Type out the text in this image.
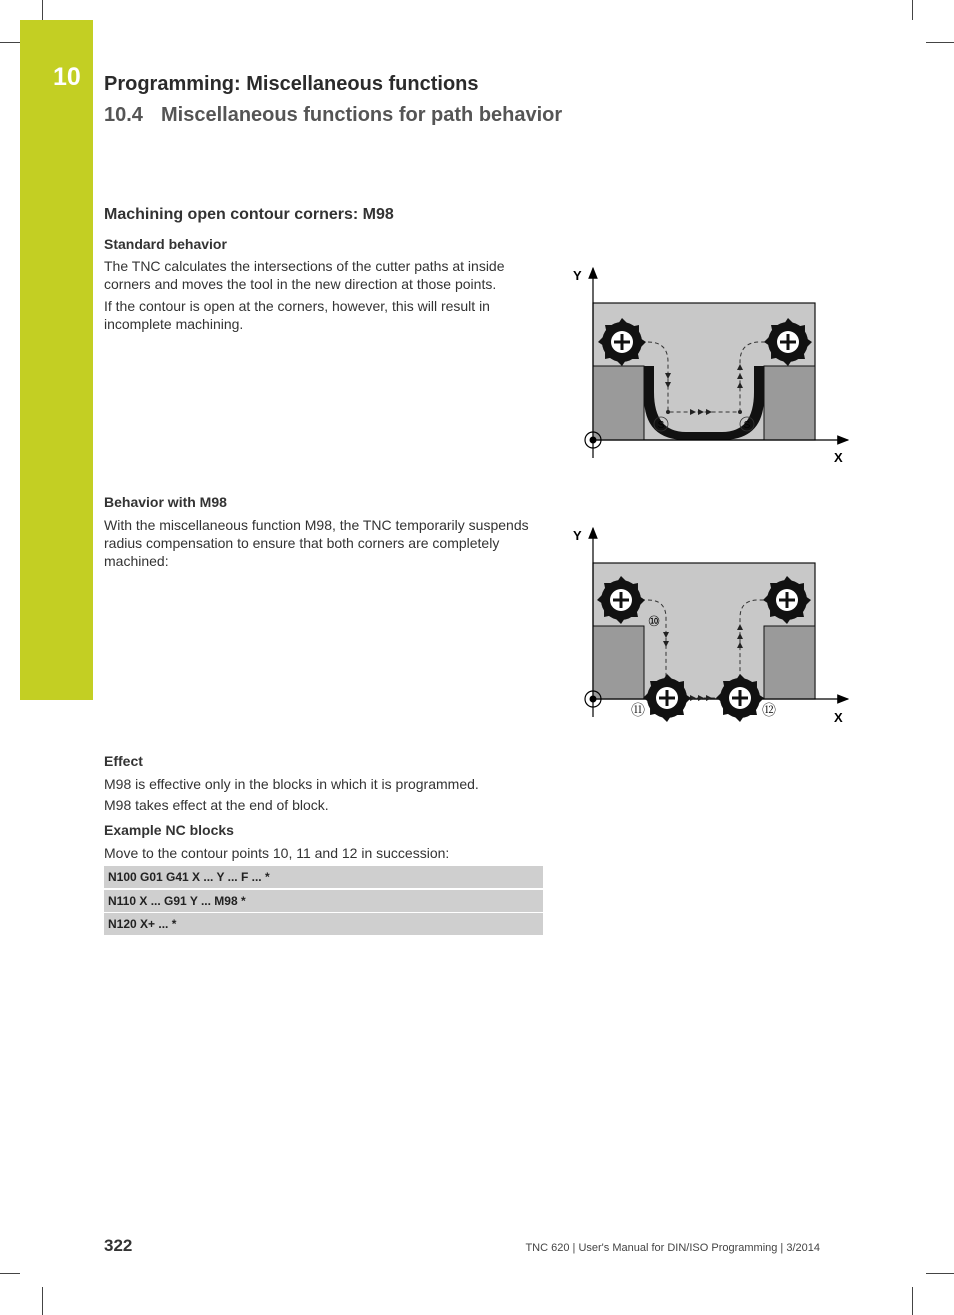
10 Programming: Miscellaneous functions
10.4 Miscellaneous functions for path behavior
Machining open contour corners: M98
Standard behavior
The TNC calculates the intersections of the cutter paths at inside corners and moves the tool in the new direction at those points.
If the contour is open at the corners, however, this will result in incomplete machining.
S	S
Y
X
Behavior with M98
With the miscellaneous function M98, the TNC temporarily suspends radius compensation to ensure that both corners are completely machined:
⑩
⑪	⑫
Y
X
Effect
M98 is effective only in the blocks in which it is programmed.
M98 takes effect at the end of block.
Example NC blocks
Move to the contour points 10, 11 and 12 in succession:
N100 G01 G41 X ... Y ... F ... *
N110 X ... G91 Y ... M98 *
N120 X+ ... *
322	TNC 620 | User's Manual for DIN/ISO Programming | 3/2014
